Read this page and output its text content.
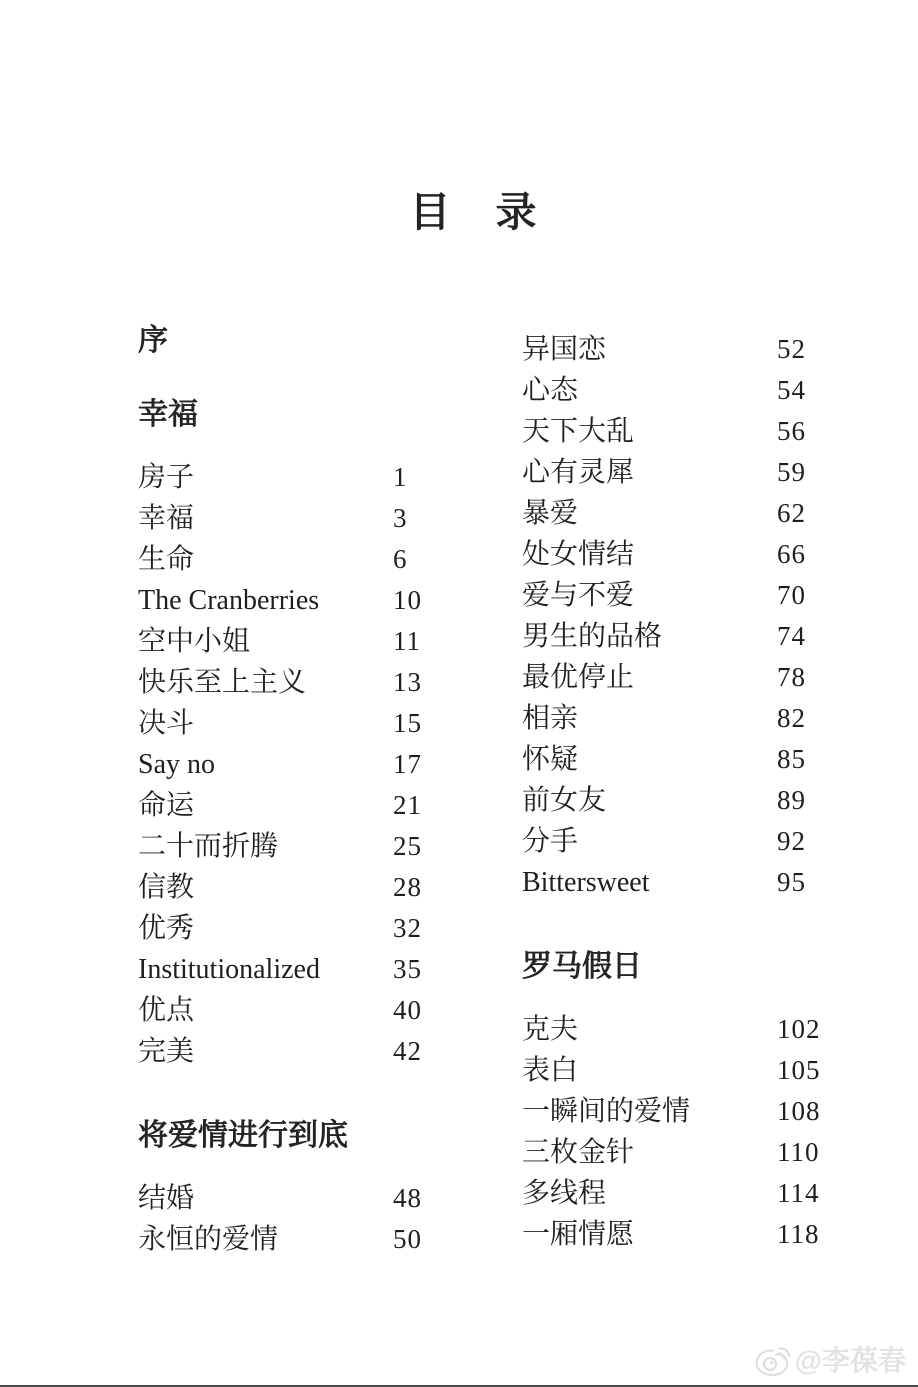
目　录
序
幸福
房子	1
幸福	3
生命	6
The Cranberries	10
空中小姐	11
快乐至上主义	13
决斗	15
Say no	17
命运	21
二十而折腾	25
信教	28
优秀	32
Institutionalized	35
优点	40
完美	42
将爱情进行到底
结婚	48
永恒的爱情	50
异国恋	52
心态	54
天下大乱	56
心有灵犀	59
暴爱	62
处女情结	66
爱与不爱	70
男生的品格	74
最优停止	78
相亲	82
怀疑	85
前女友	89
分手	92
Bittersweet	95
罗马假日
克夫	102
表白	105
一瞬间的爱情	108
三枚金针	110
多线程	114
一厢情愿	118
@李葆春
